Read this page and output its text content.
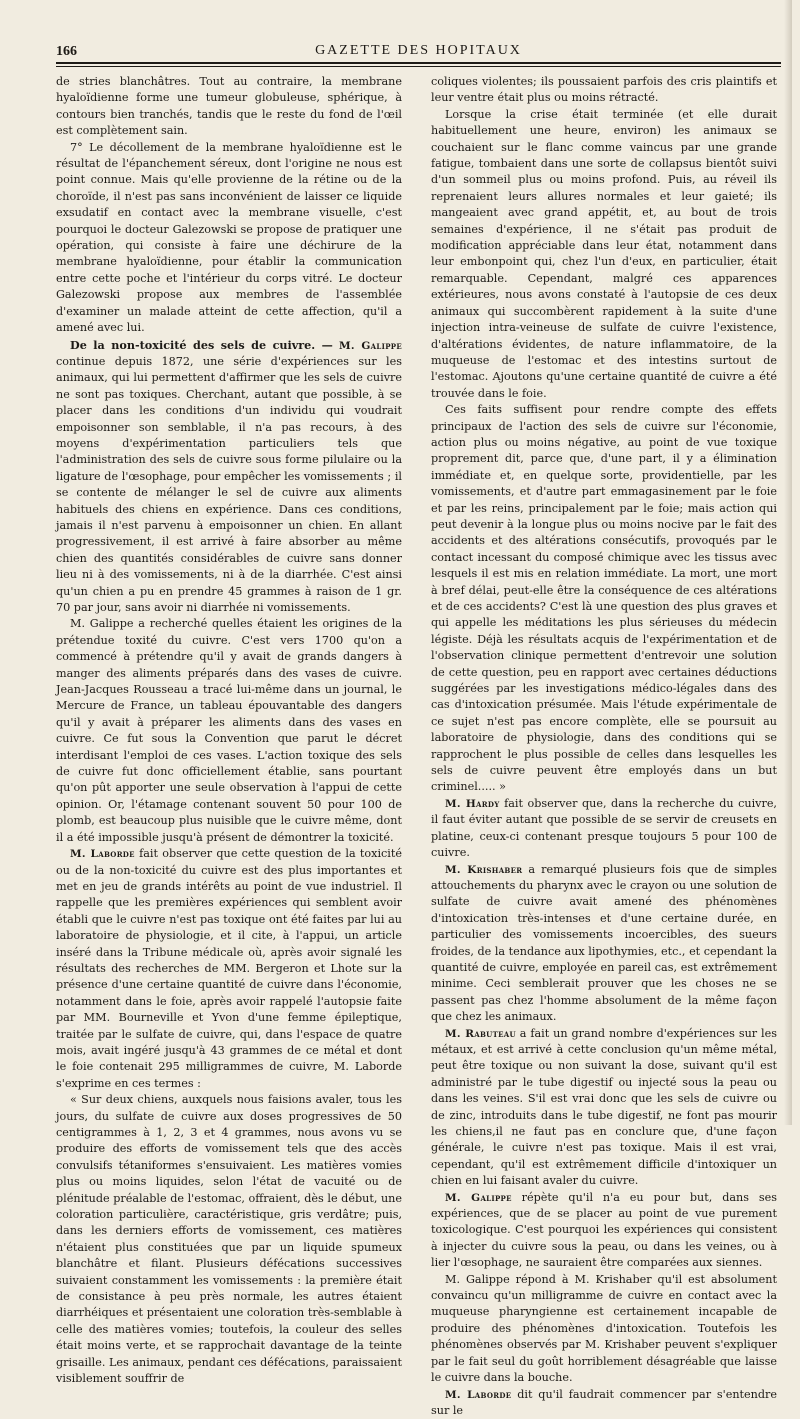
166	GAZETTE DES HOPITAUX

de stries blanchâtres. Tout au contraire, la membrane hyaloïdienne forme une tumeur globuleuse, sphérique, à contours bien tranchés, tandis que le reste du fond de l'œil est complètement sain.

7° Le décollement de la membrane hyaloïdienne est le résultat de l'épanchement séreux, dont l'origine ne nous est point connue. Mais qu'elle provienne de la rétine ou de la choroïde, il n'est pas sans inconvénient de laisser ce liquide exsudatif en contact avec la membrane visuelle, c'est pourquoi le docteur Galezowski se propose de pratiquer une opération, qui consiste à faire une déchirure de la membrane hyaloïdienne, pour établir la communication entre cette poche et l'intérieur du corps vitré. Le docteur Galezowski propose aux membres de l'assemblée d'examiner un malade atteint de cette affection, qu'il a amené avec lui.

De la non-toxicité des sels de cuivre. — M. Galippe continue depuis 1872, une série d'expériences sur les animaux, qui lui permettent d'affirmer que les sels de cuivre ne sont pas toxiques. Cherchant, autant que possible, à se placer dans les conditions d'un individu qui voudrait empoisonner son semblable, il n'a pas recours, à des moyens d'expérimentation particuliers tels que l'administration des sels de cuivre sous forme pilulaire ou la ligature de l'œsophage, pour empêcher les vomissements ; il se contente de mélanger le sel de cuivre aux aliments habituels des chiens en expérience. Dans ces conditions, jamais il n'est parvenu à empoisonner un chien. En allant progressivement, il est arrivé à faire absorber au même chien des quantités considérables de cuivre sans donner lieu ni à des vomissements, ni à de la diarrhée. C'est ainsi qu'un chien a pu en prendre 45 grammes à raison de 1 gr. 70 par jour, sans avoir ni diarrhée ni vomissements.

M. Galippe a recherché quelles étaient les origines de la prétendue toxité du cuivre. C'est vers 1700 qu'on a commencé à prétendre qu'il y avait de grands dangers à manger des aliments préparés dans des vases de cuivre. Jean-Jacques Rousseau a tracé lui-même dans un journal, le Mercure de France, un tableau épouvantable des dangers qu'il y avait à préparer les aliments dans des vases en cuivre. Ce fut sous la Convention que parut le décret interdisant l'emploi de ces vases. L'action toxique des sels de cuivre fut donc officiellement établie, sans pourtant qu'on pût apporter une seule observation à l'appui de cette opinion. Or, l'étamage contenant souvent 50 pour 100 de plomb, est beaucoup plus nuisible que le cuivre même, dont il a été impossible jusqu'à présent de démontrer la toxicité.

M. Laborde fait observer que cette question de la toxicité ou de la non-toxicité du cuivre est des plus importantes et met en jeu de grands intérêts au point de vue industriel. Il rappelle que les premières expériences qui semblent avoir établi que le cuivre n'est pas toxique ont été faites par lui au laboratoire de physiologie, et il cite, à l'appui, un article inséré dans la Tribune médicale où, après avoir signalé les résultats des recherches de MM. Bergeron et Lhote sur la présence d'une certaine quantité de cuivre dans l'économie, notamment dans le foie, après avoir rappelé l'autopsie faite par MM. Bourneville et Yvon d'une femme épileptique, traitée par le sulfate de cuivre, qui, dans l'espace de quatre mois, avait ingéré jusqu'à 43 grammes de ce métal et dont le foie contenait 295 milligrammes de cuivre, M. Laborde s'exprime en ces termes :

« Sur deux chiens, auxquels nous faisions avaler, tous les jours, du sulfate de cuivre aux doses progressives de 50 centigrammes à 1, 2, 3 et 4 grammes, nous avons vu se produire des efforts de vomissement tels que des accès convulsifs tétaniformes s'ensuivaient. Les matières vomies plus ou moins liquides, selon l'état de vacuité ou de plénitude préalable de l'estomac, offraient, dès le début, une coloration particulière, caractéristique, gris verdâtre; puis, dans les derniers efforts de vomissement, ces matières n'étaient plus constituées que par un liquide spumeux blanchâtre et filant. Plusieurs défécations successives suivaient constamment les vomissements : la première était de consistance à peu près normale, les autres étaient diarrhéiques et présentaient une coloration très-semblable à celle des matières vomies; toutefois, la couleur des selles était moins verte, et se rapprochait davantage de la teinte grisaille. Les animaux, pendant ces défécations, paraissaient visiblement souffrir de

coliques violentes; ils poussaient parfois des cris plaintifs et leur ventre était plus ou moins rétracté.

Lorsque la crise était terminée (et elle durait habituellement une heure, environ) les animaux se couchaient sur le flanc comme vaincus par une grande fatigue, tombaient dans une sorte de collapsus bientôt suivi d'un sommeil plus ou moins profond. Puis, au réveil ils reprenaient leurs allures normales et leur gaieté; ils mangeaient avec grand appétit, et, au bout de trois semaines d'expérience, il ne s'était pas produit de modification appréciable dans leur état, notamment dans leur embonpoint qui, chez l'un d'eux, en particulier, était remarquable. Cependant, malgré ces apparences extérieures, nous avons constaté à l'autopsie de ces deux animaux qui succombèrent rapidement à la suite d'une injection intra-veineuse de sulfate de cuivre l'existence, d'altérations évidentes, de nature inflammatoire, de la muqueuse de l'estomac et des intestins surtout de l'estomac. Ajoutons qu'une certaine quantité de cuivre a été trouvée dans le foie.

Ces faits suffisent pour rendre compte des effets principaux de l'action des sels de cuivre sur l'économie, action plus ou moins négative, au point de vue toxique proprement dit, parce que, d'une part, il y a élimination immédiate et, en quelque sorte, providentielle, par les vomissements, et d'autre part emmagasinement par le foie et par les reins, principalement par le foie; mais action qui peut devenir à la longue plus ou moins nocive par le fait des accidents et des altérations consécutifs, provoqués par le contact incessant du composé chimique avec les tissus avec lesquels il est mis en relation immédiate. La mort, une mort à bref délai, peut-elle être la conséquence de ces altérations et de ces accidents? C'est là une question des plus graves et qui appelle les méditations les plus sérieuses du médecin légiste. Déjà les résultats acquis de l'expérimentation et de l'observation clinique permettent d'entrevoir une solution de cette question, peu en rapport avec certaines déductions suggérées par les investigations médico-légales dans des cas d'intoxication présumée. Mais l'étude expérimentale de ce sujet n'est pas encore complète, elle se poursuit au laboratoire de physiologie, dans des conditions qui se rapprochent le plus possible de celles dans lesquelles les sels de cuivre peuvent être employés dans un but criminel..... »

M. Hardy fait observer que, dans la recherche du cuivre, il faut éviter autant que possible de se servir de creusets en platine, ceux-ci contenant presque toujours 5 pour 100 de cuivre.

M. Krishaber a remarqué plusieurs fois que de simples attouchements du pharynx avec le crayon ou une solution de sulfate de cuivre avait amené des phénomènes d'intoxication très-intenses et d'une certaine durée, en particulier des vomissements incoercibles, des sueurs froides, de la tendance aux lipothymies, etc., et cependant la quantité de cuivre, employée en pareil cas, est extrêmement minime. Ceci semblerait prouver que les choses ne se passent pas chez l'homme absolument de la même façon que chez les animaux.

M. Rabuteau a fait un grand nombre d'expériences sur les métaux, et est arrivé à cette conclusion qu'un même métal, peut être toxique ou non suivant la dose, suivant qu'il est administré par le tube digestif ou injecté sous la peau ou dans les veines. S'il est vrai donc que les sels de cuivre ou de zinc, introduits dans le tube digestif, ne font pas mourir les chiens,il ne faut pas en conclure que, d'une façon générale, le cuivre n'est pas toxique. Mais il est vrai, cependant, qu'il est extrêmement difficile d'intoxiquer un chien en lui faisant avaler du cuivre.

M. Galippe répète qu'il n'a eu pour but, dans ses expériences, que de se placer au point de vue purement toxicologique. C'est pourquoi les expériences qui consistent à injecter du cuivre sous la peau, ou dans les veines, ou à lier l'œsophage, ne sauraient être comparées aux siennes.

M. Galippe répond à M. Krishaber qu'il est absolument convaincu qu'un milligramme de cuivre en contact avec la muqueuse pharyngienne est certainement incapable de produire des phénomènes d'intoxication. Toutefois les phénomènes observés par M. Krishaber peuvent s'expliquer par le fait seul du goût horriblement désagréable que laisse le cuivre dans la bouche.

M. Laborde dit qu'il faudrait commencer par s'entendre sur le
